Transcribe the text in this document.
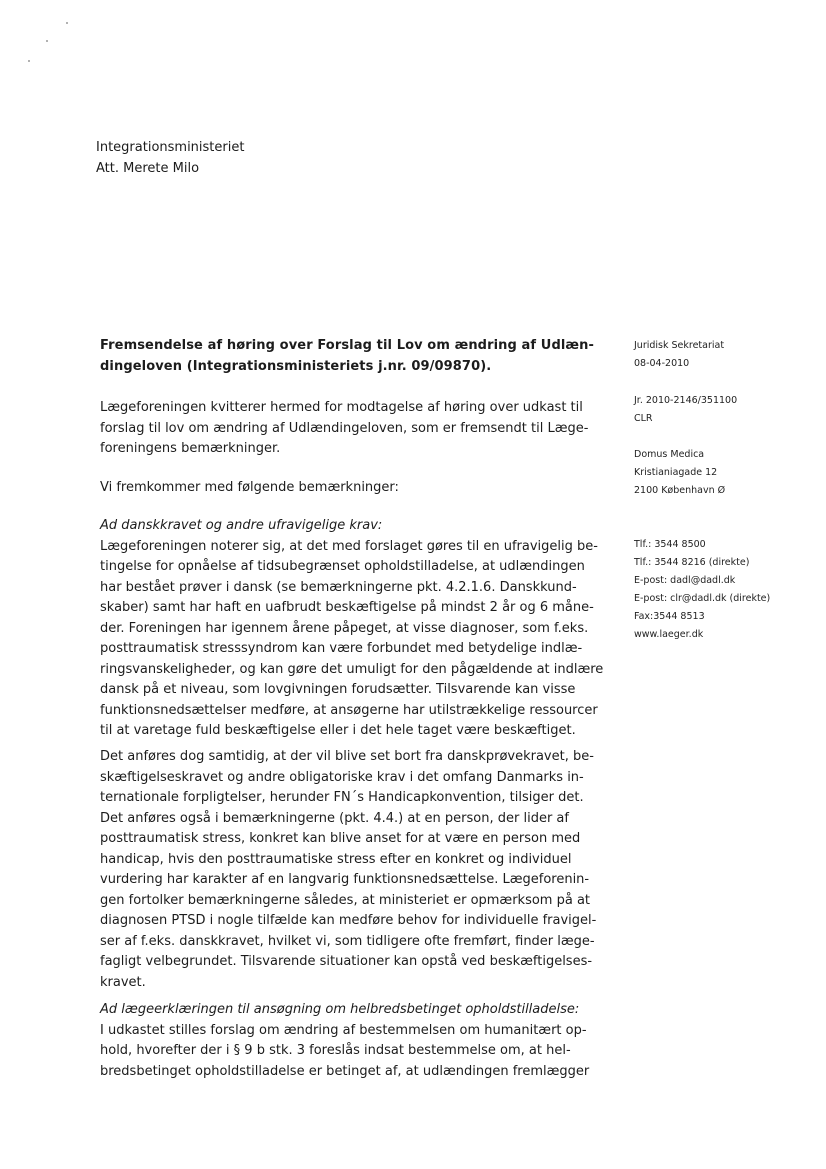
Integrationsministeriet
Att. Merete Milo
Fremsendelse af høring over Forslag til Lov om ændring af Udlæn-
dingeloven (Integrationsministeriets j.nr. 09/09870).
Juridisk Sekretariat
08-04-2010
Jr. 2010-2146/351100
CLR
Domus Medica
Kristianiagade 12
2100 København Ø
Tlf.: 3544 8500
Tlf.: 3544 8216 (direkte)
E-post: dadl@dadl.dk
E-post: clr@dadl.dk (direkte)
Fax:3544 8513
www.laeger.dk
Lægeforeningen kvitterer hermed for modtagelse af høring over udkast til
forslag til lov om ændring af Udlændingeloven, som er fremsendt til Læge-
foreningens bemærkninger.
Vi fremkommer med følgende bemærkninger:
Ad danskkravet og andre ufravigelige krav:
Lægeforeningen noterer sig, at det med forslaget gøres til en ufravigelig be-
tingelse for opnåelse af tidsubegrænset opholdstilladelse, at udlændingen
har bestået prøver i dansk (se bemærkningerne pkt. 4.2.1.6. Danskkund-
skaber) samt har haft en uafbrudt beskæftigelse på mindst 2 år og 6 måne-
der. Foreningen har igennem årene påpeget, at visse diagnoser, som f.eks.
posttraumatisk stresssyndrom kan være forbundet med betydelige indlæ-
ringsvanskeligheder, og kan gøre det umuligt for den pågældende at indlære
dansk på et niveau, som lovgivningen forudsætter. Tilsvarende kan visse
funktionsnedsættelser medføre, at ansøgerne har utilstrækkelige ressourcer
til at varetage fuld beskæftigelse eller i det hele taget være beskæftiget.
Det anføres dog samtidig, at der vil blive set bort fra danskprøvekravet, be-
skæftigelseskravet og andre obligatoriske krav i det omfang Danmarks in-
ternationale forpligtelser, herunder FN´s Handicapkonvention, tilsiger det.
Det anføres også i bemærkningerne (pkt. 4.4.) at en person, der lider af
posttraumatisk stress, konkret kan blive anset for at være en person med
handicap, hvis den posttraumatiske stress efter en konkret og individuel
vurdering har karakter af en langvarig funktionsnedsættelse. Lægeforenin-
gen fortolker bemærkningerne således, at ministeriet er opmærksom på at
diagnosen PTSD i nogle tilfælde kan medføre behov for individuelle fravigel-
ser af f.eks. danskkravet, hvilket vi, som tidligere ofte fremført, finder læge-
fagligt velbegrundet. Tilsvarende situationer kan opstå ved beskæftigelses-
kravet.
Ad lægeerklæringen til ansøgning om helbredsbetinget opholdstilladelse:
I udkastet stilles forslag om ændring af bestemmelsen om humanitært op-
hold, hvorefter der i § 9 b stk. 3 foreslås indsat bestemmelse om, at hel-
bredsbetinget opholdstilladelse er betinget af, at udlændingen fremlægger
